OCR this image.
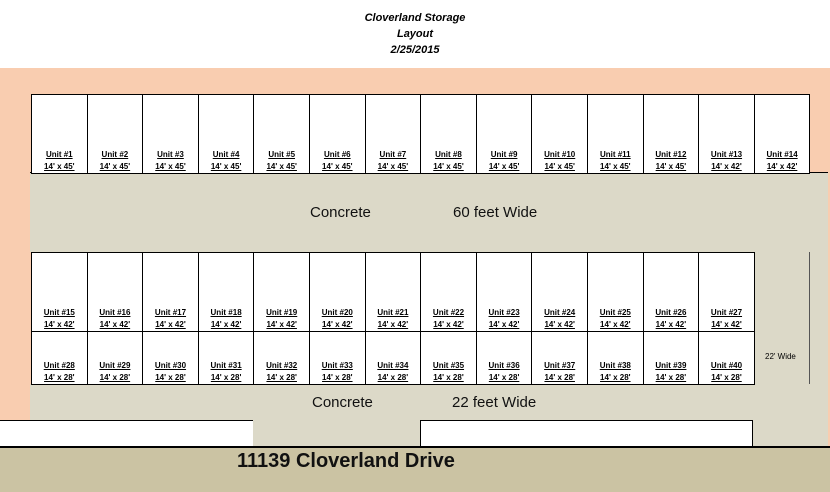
Cloverland Storage
Layout
2/25/2015
Unit #1
14' x 45'
Unit #2
14' x 45'
Unit #3
14' x 45'
Unit #4
14' x 45'
Unit #5
14' x 45'
Unit #6
14' x 45'
Unit #7
14' x 45'
Unit #8
14' x 45'
Unit #9
14' x 45'
Unit #10
14' x 45'
Unit #11
14' x 45'
Unit #12
14' x 45'
Unit #13
14' x 42'
Unit #14
14' x 42'
Unit #15
14' x 42'
Unit #16
14' x 42'
Unit #17
14' x 42'
Unit #18
14' x 42'
Unit #19
14' x 42'
Unit #20
14' x 42'
Unit #21
14' x 42'
Unit #22
14' x 42'
Unit #23
14' x 42'
Unit #24
14' x 42'
Unit #25
14' x 42'
Unit #26
14' x 42'
Unit #27
14' x 42'
Unit #28
14' x 28'
Unit #29
14' x 28'
Unit #30
14' x 28'
Unit #31
14' x 28'
Unit #32
14' x 28'
Unit #33
14' x 28'
Unit #34
14' x 28'
Unit #35
14' x 28'
Unit #36
14' x 28'
Unit #37
14' x 28'
Unit #38
14' x 28'
Unit #39
14' x 28'
Unit #40
14' x 28'
Concrete	60 feet Wide
Concrete	22 feet Wide
22' Wide
11139 Cloverland Drive
